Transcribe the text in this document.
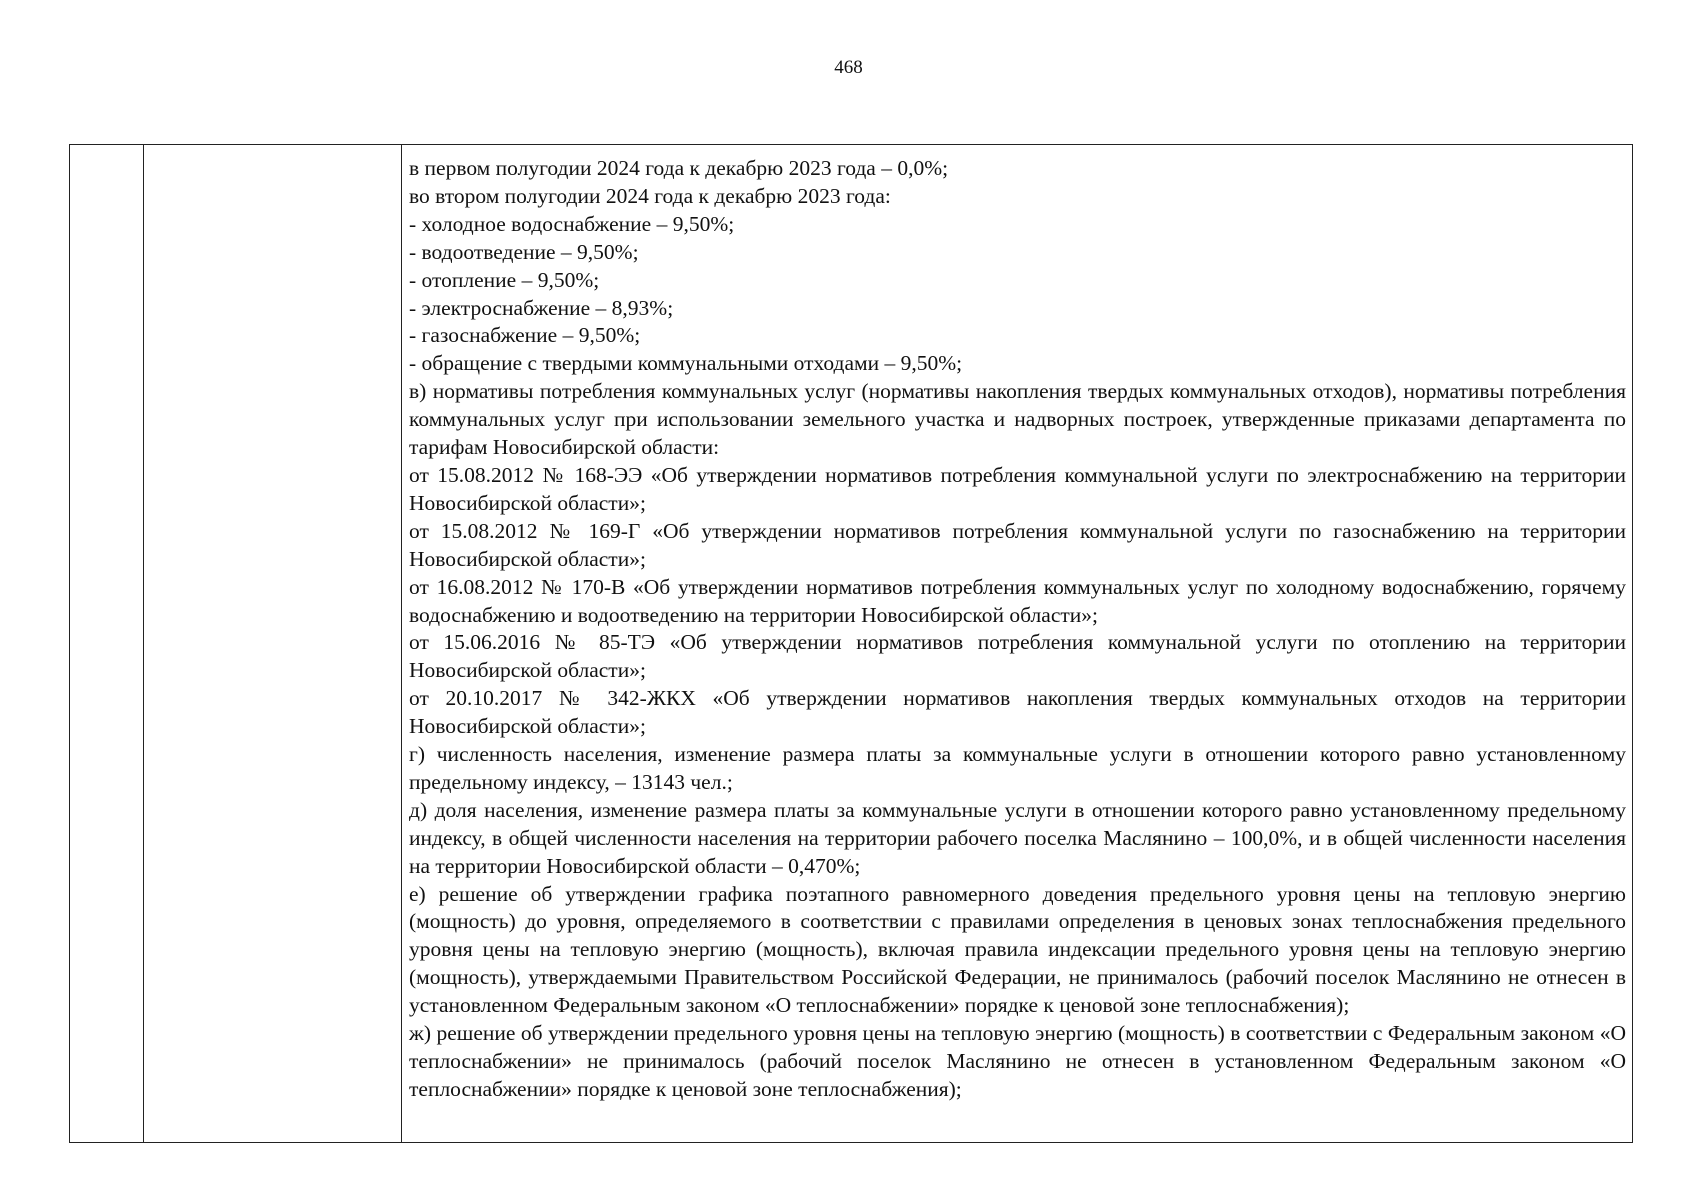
468

в первом полугодии 2024 года к декабрю 2023 года – 0,0%;
во втором полугодии 2024 года к декабрю 2023 года:
- холодное водоснабжение – 9,50%;
- водоотведение – 9,50%;
- отопление – 9,50%;
- электроснабжение – 8,93%;
- газоснабжение – 9,50%;
- обращение с твердыми коммунальными отходами – 9,50%;
в) нормативы потребления коммунальных услуг (нормативы накопления твердых коммунальных отходов), нормативы потребления коммунальных услуг при использовании земельного участка и надворных построек, утвержденные приказами департамента по тарифам Новосибирской области:
от 15.08.2012 № 168-ЭЭ «Об утверждении нормативов потребления коммунальной услуги по электроснабжению на территории Новосибирской области»;
от 15.08.2012 № 169-Г «Об утверждении нормативов потребления коммунальной услуги по газоснабжению на территории Новосибирской области»;
от 16.08.2012 № 170-В «Об утверждении нормативов потребления коммунальных услуг по холодному водоснабжению, горячему водоснабжению и водоотведению на территории Новосибирской области»;
от 15.06.2016 № 85-ТЭ «Об утверждении нормативов потребления коммунальной услуги по отоплению на территории Новосибирской области»;
от 20.10.2017 № 342-ЖКХ «Об утверждении нормативов накопления твердых коммунальных отходов на территории Новосибирской области»;
г) численность населения, изменение размера платы за коммунальные услуги в отношении которого равно установленному предельному индексу, – 13143 чел.;
д) доля населения, изменение размера платы за коммунальные услуги в отношении которого равно установленному предельному индексу, в общей численности населения на территории рабочего поселка Маслянино – 100,0%, и в общей численности населения на территории Новосибирской области – 0,470%;
е) решение об утверждении графика поэтапного равномерного доведения предельного уровня цены на тепловую энергию (мощность) до уровня, определяемого в соответствии с правилами определения в ценовых зонах теплоснабжения предельного уровня цены на тепловую энергию (мощность), включая правила индексации предельного уровня цены на тепловую энергию (мощность), утверждаемыми Правительством Российской Федерации, не принималось (рабочий поселок Маслянино не отнесен в установленном Федеральным законом «О теплоснабжении» порядке к ценовой зоне теплоснабжения);
ж) решение об утверждении предельного уровня цены на тепловую энергию (мощность) в соответствии с Федеральным законом «О теплоснабжении» не принималось (рабочий поселок Маслянино не отнесен в установленном Федеральным законом «О теплоснабжении» порядке к ценовой зоне теплоснабжения);
